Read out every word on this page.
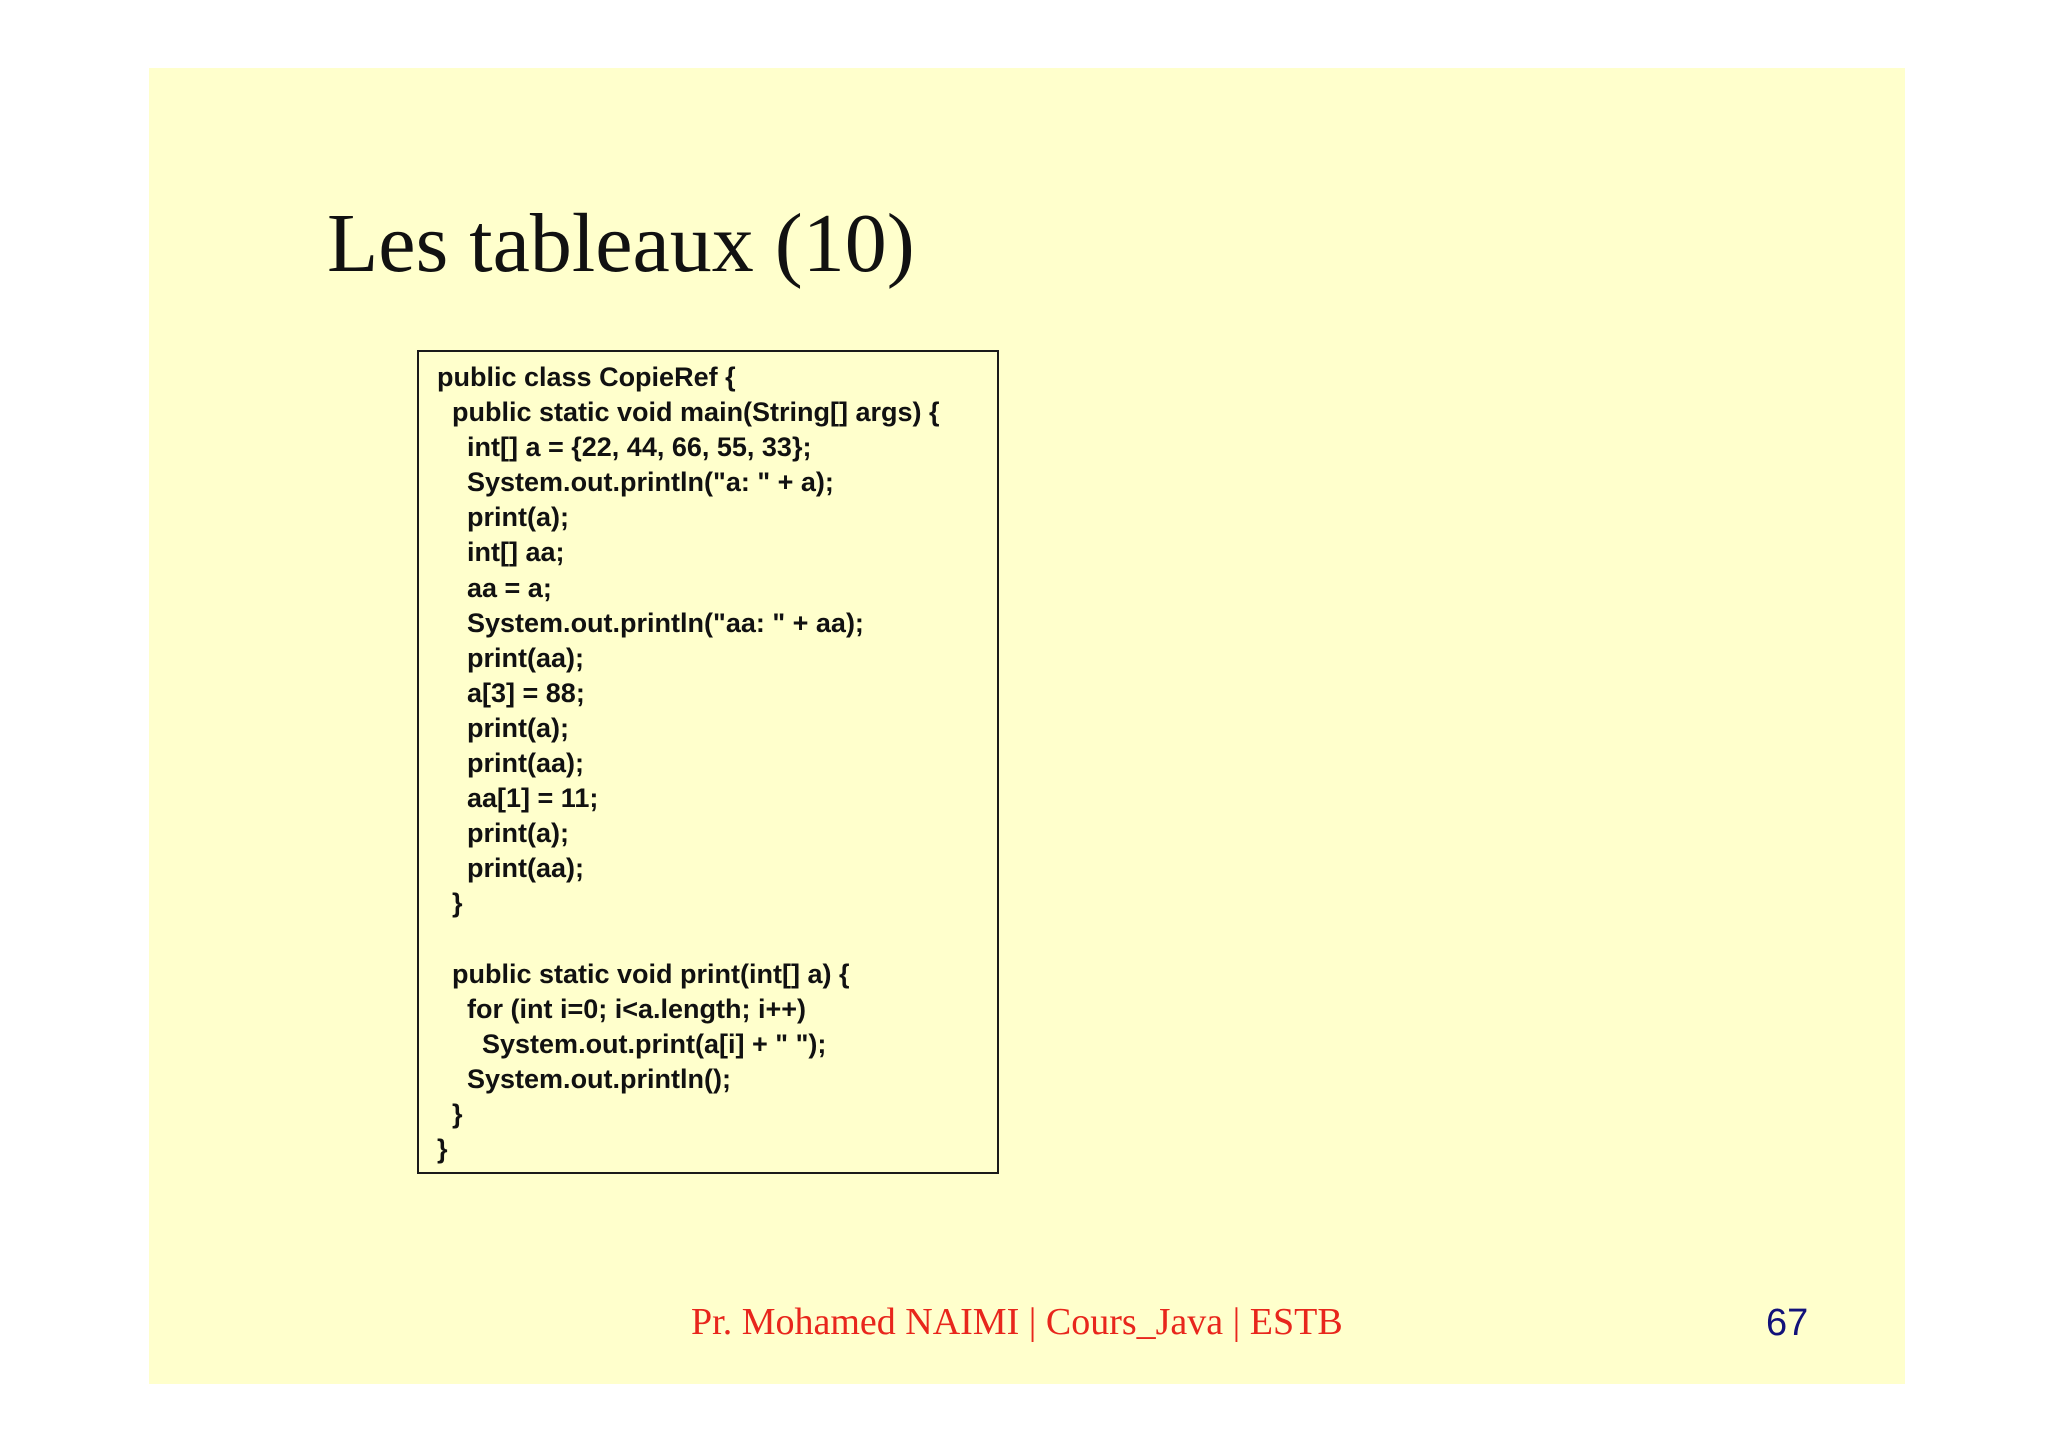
Les tableaux (10)
public class CopieRef {
public static void main(String[] args) {
int[] a = {22, 44, 66, 55, 33};
System.out.println("a: " + a);
print(a);
int[] aa;
aa = a;
System.out.println("aa: " + aa);
print(aa);
a[3] = 88;
print(a);
print(aa);
aa[1] = 11;
print(a);
print(aa);
}
public static void print(int[] a) {
for (int i=0; i<a.length; i++)
System.out.print(a[i] + " ");
System.out.println();
}
}
Pr. Mohamed NAIMI | Cours_Java | ESTB	67
